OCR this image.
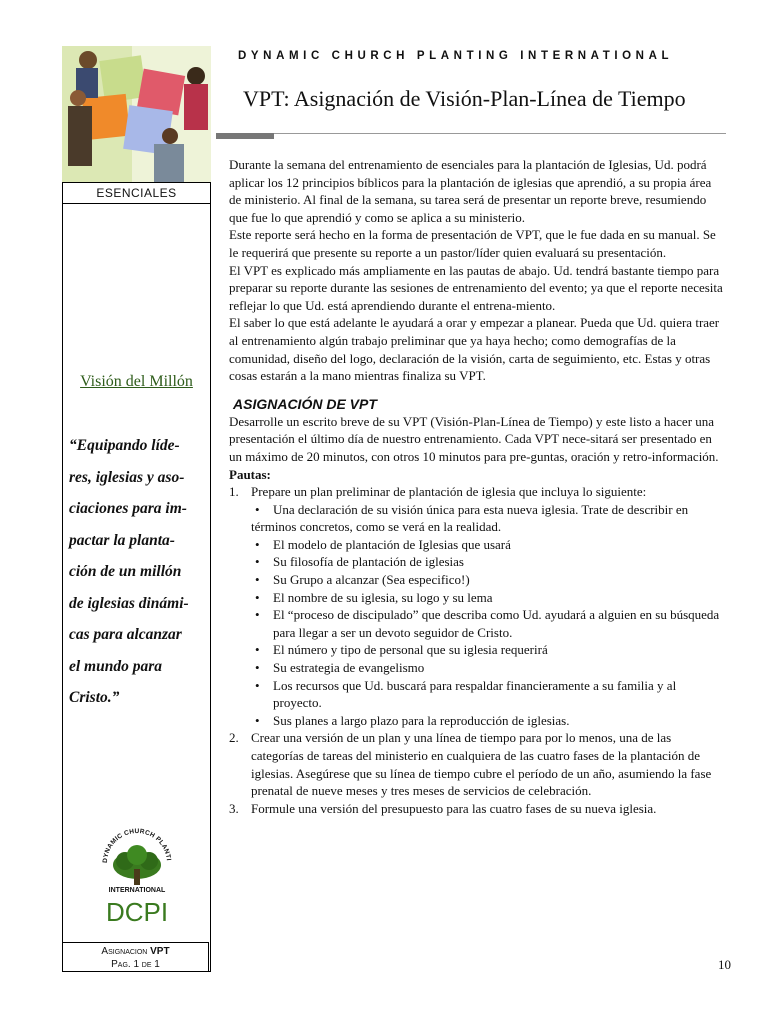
ESENCIALES
Visión del Millón
“Equipando líde-
res, iglesias y aso-
ciaciones para im-
pactar la planta-
ción de un millón
de iglesias dinámi-
cas para alcanzar
el mundo para
Cristo.”
DYNAMIC CHURCH PLANTI
INTERNATIONAL
DCPI
Asignacion VPT
Pag. 1 de 1
DYNAMIC CHURCH PLANTING INTERNATIONAL
VPT: Asignación de Visión-Plan-Línea de Tiempo

Durante la semana del entrenamiento de esenciales para la plantación de Iglesias, Ud. podrá aplicar los 12 principios bíblicos para la plantación de iglesias que aprendió, a su propia área de ministerio. Al final de la semana, su tarea será de presentar un reporte breve, resumiendo que fue lo que aprendió y como se aplica a su ministerio.

Este reporte será hecho en la forma de presentación de VPT, que le fue dada en su manual. Se le requerirá que presente su reporte a un pastor/líder quien evaluará su presentación.

El VPT es explicado más ampliamente en las pautas de abajo. Ud. tendrá bastante tiempo para preparar su reporte durante las sesiones de entrenamiento del evento; ya que el reporte necesita reflejar lo que Ud. está aprendiendo durante el entrena-miento.

El saber lo que está adelante le ayudará a orar y empezar a planear. Pueda que Ud. quiera traer al entrenamiento algún trabajo preliminar que ya haya hecho; como demografías de la comunidad, diseño del logo, declaración de la visión, carta de seguimiento, etc. Estas y otras cosas estarán a la mano mientras finaliza su VPT.

ASIGNACIÓN DE VPT

Desarrolle un escrito breve de su VPT (Visión-Plan-Línea de Tiempo) y este listo a hacer una presentación el último día de nuestro entrenamiento. Cada VPT nece-sitará ser presentado en un máximo de 20 minutos, con otros 10 minutos para pre-guntas, oración y retro-información.

Pautas:
1. Prepare un plan preliminar de plantación de iglesia que incluya lo siguiente:
• Una declaración de su visión única para esta nueva iglesia. Trate de describir en términos concretos, como se verá en la realidad.
• El modelo de plantación de Iglesias que usará
• Su filosofía de plantación de iglesias
• Su Grupo a alcanzar (Sea especifico!)
• El nombre de su iglesia, su logo y su lema
• El “proceso de discipulado” que describa como Ud. ayudará a alguien en su búsqueda para llegar a ser un devoto seguidor de Cristo.
• El número y tipo de personal que su iglesia requerirá
• Su estrategia de evangelismo
• Los recursos que Ud. buscará para respaldar financieramente a su familia y al proyecto.
• Sus planes a largo plazo para la reproducción de iglesias.
2. Crear una versión de un plan y una línea de tiempo para por lo menos, una de las categorías de tareas del ministerio en cualquiera de las cuatro fases de la plantación de iglesias. Asegúrese que su línea de tiempo cubre el período de un año, asumiendo la fase prenatal de nueve meses y tres meses de servicios de celebración.
3. Formule una versión del presupuesto para las cuatro fases de su nueva iglesia.
10
